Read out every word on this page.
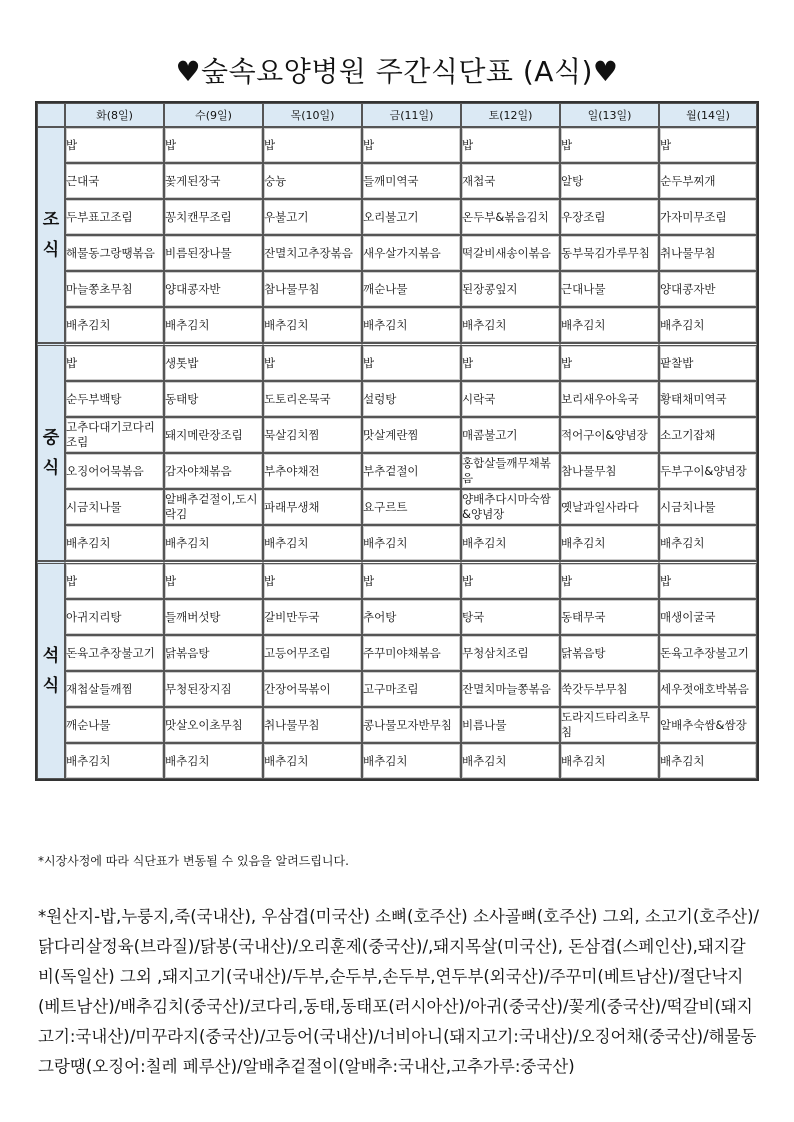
♥숲속요양병원 주간식단표 (A식)♥
	화(8일)	수(9일)	목(10일)	금(11일)	토(12일)	일(13일)	월(14일)

조
식	밥	밥	밥	밥	밥	밥	밥
	근대국	꽃게된장국	숭늉	들깨미역국	재첩국	알탕	순두부찌개
	두부표고조림	꽁치캔무조림	우불고기	오리불고기	온두부&볶음김치	우장조림	가자미무조림
	해물동그랑땡볶음	비름된장나물	잔멸치고추장볶음	새우살가지볶음	떡갈비새송이볶음	동부묵김가루무침	취나물무침
	마늘쫑초무침	양대콩자반	참나물무침	깨순나물	된장콩잎지	근대나물	양대콩자반
	배추김치	배추김치	배추김치	배추김치	배추김치	배추김치	배추김치

중
식	밥	생톳밥	밥	밥	밥	밥	팥찰밥
	순두부백탕	동태탕	도토리온묵국	설렁탕	시락국	보리새우아욱국	황태채미역국
	고추다대기코다리조림	돼지메란장조림	묵살김치찜	맛살계란찜	매콤불고기	적어구이&양념장	소고기잡채
	오징어어묵볶음	감자야채볶음	부추야채전	부추겉절이	홍합살들깨무채볶음	참나물무침	두부구이&양념장
	시금치나물	알배추겉절이,도시락김	파래무생채	요구르트	양배추다시마숙쌈&양념장	옛날과일사라다	시금치나물
	배추김치	배추김치	배추김치	배추김치	배추김치	배추김치	배추김치

석
식	밥	밥	밥	밥	밥	밥	밥
	아귀지리탕	들깨버섯탕	갈비만두국	추어탕	탕국	동태무국	매생이굴국
	돈육고추장불고기	닭볶음탕	고등어무조림	주꾸미야채볶음	무청삼치조림	닭볶음탕	돈육고추장불고기
	재첩살들깨찜	무청된장지짐	간장어묵볶이	고구마조림	잔멸치마늘쫑볶음	쑥갓두부무침	세우젓애호박볶음
	깨순나물	맛살오이초무침	취나물무침	콩나물모자반무침	비름나물	도라지드타리초무침	알배추숙쌈&쌈장
	배추김치	배추김치	배추김치	배추김치	배추김치	배추김치	배추김치
*시장사정에 따라 식단표가 변동될 수 있음을 알려드립니다.
*원산지-밥,누룽지,죽(국내산), 우삼겹(미국산) 소뼈(호주산) 소사골뼈(호주산) 그외, 소고기(호주산)/닭다리살정육(브라질)/닭봉(국내산)/오리훈제(중국산)/,돼지목살(미국산), 돈삼겹(스페인산),돼지갈비(독일산) 그외 ,돼지고기(국내산)/두부,순두부,손두부,연두부(외국산)/주꾸미(베트남산)/절단낙지(베트남산)/배추김치(중국산)/코다리,동태,동태포(러시아산)/아귀(중국산)/꽃게(중국산)/떡갈비(돼지고기:국내산)/미꾸라지(중국산)/고등어(국내산)/너비아니(돼지고기:국내산)/오징어채(중국산)/해물동그랑땡(오징어:칠레 페루산)/알배추겉절이(알배추:국내산,고추가루:중국산)
